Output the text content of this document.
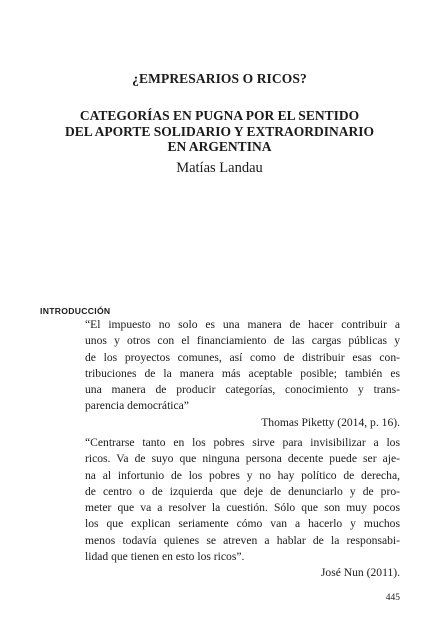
¿EMPRESARIOS O RICOS?
CATEGORÍAS EN PUGNA POR EL SENTIDO
DEL APORTE SOLIDARIO Y EXTRAORDINARIO
EN ARGENTINA
Matías Landau
INTRODUCCIÓN
“El impuesto no solo es una manera de hacer contribuir a
unos y otros con el financiamiento de las cargas públicas y
de los proyectos comunes, así como de distribuir esas con-
tribuciones de la manera más aceptable posible; también es
una manera de producir categorías, conocimiento y trans-
parencia democrática”
Thomas Piketty (2014, p. 16).
“Centrarse tanto en los pobres sirve para invisibilizar a los
ricos. Va de suyo que ninguna persona decente puede ser aje-
na al infortunio de los pobres y no hay político de derecha,
de centro o de izquierda que deje de denunciarlo y de pro-
meter que va a resolver la cuestión. Sólo que son muy pocos
los que explican seriamente cómo van a hacerlo y muchos
menos todavía quienes se atreven a hablar de la responsabi-
lidad que tienen en esto los ricos”.
José Nun (2011).
445
